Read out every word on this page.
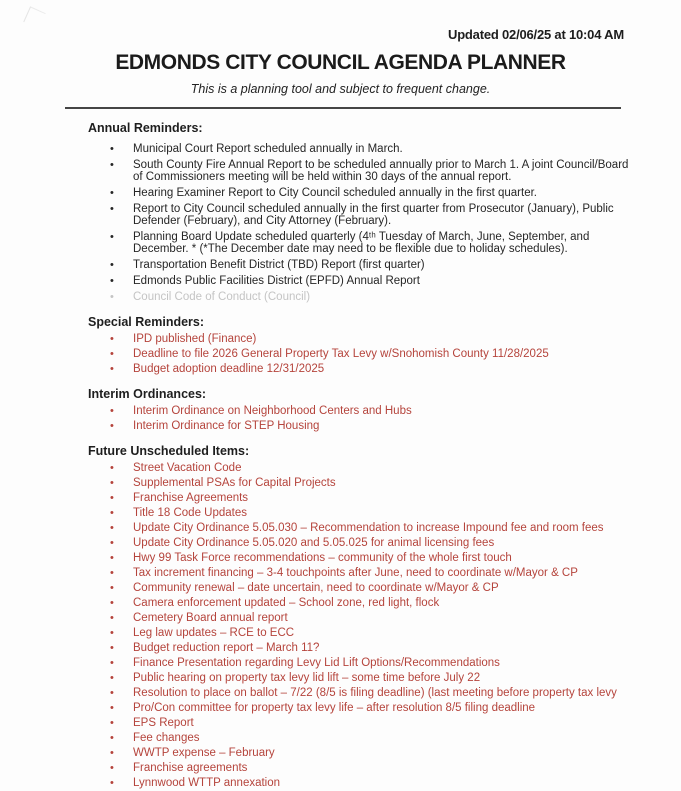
Updated 02/06/25 at 10:04 AM
EDMONDS CITY COUNCIL AGENDA PLANNER
This is a planning tool and subject to frequent change.
Annual Reminders:
• Municipal Court Report scheduled annually in March.
• South County Fire Annual Report to be scheduled annually prior to March 1. A joint Council/Board of Commissioners meeting will be held within 30 days of the annual report.
• Hearing Examiner Report to City Council scheduled annually in the first quarter.
• Report to City Council scheduled annually in the first quarter from Prosecutor (January), Public Defender (February), and City Attorney (February).
• Planning Board Update scheduled quarterly (4ᵗʰ Tuesday of March, June, September, and December. * (*The December date may need to be flexible due to holiday schedules).
• Transportation Benefit District (TBD) Report (first quarter)
• Edmonds Public Facilities District (EPFD) Annual Report
• Council Code of Conduct (Council)
Special Reminders:
• IPD published (Finance)
• Deadline to file 2026 General Property Tax Levy w/Snohomish County 11/28/2025
• Budget adoption deadline 12/31/2025
Interim Ordinances:
• Interim Ordinance on Neighborhood Centers and Hubs
• Interim Ordinance for STEP Housing
Future Unscheduled Items:
• Street Vacation Code
• Supplemental PSAs for Capital Projects
• Franchise Agreements
• Title 18 Code Updates
• Update City Ordinance 5.05.030 – Recommendation to increase Impound fee and room fees
• Update City Ordinance 5.05.020 and 5.05.025 for animal licensing fees
• Hwy 99 Task Force recommendations – community of the whole first touch
• Tax increment financing – 3-4 touchpoints after June, need to coordinate w/Mayor & CP
• Community renewal – date uncertain, need to coordinate w/Mayor & CP
• Camera enforcement updated – School zone, red light, flock
• Cemetery Board annual report
• Leg law updates – RCE to ECC
• Budget reduction report – March 11?
• Finance Presentation regarding Levy Lid Lift Options/Recommendations
• Public hearing on property tax levy lid lift – some time before July 22
• Resolution to place on ballot – 7/22 (8/5 is filing deadline) (last meeting before property tax levy
• Pro/Con committee for property tax levy life – after resolution 8/5 filing deadline
• EPS Report
• Fee changes
• WWTP expense – February
• Franchise agreements
• Lynnwood WTTP annexation
